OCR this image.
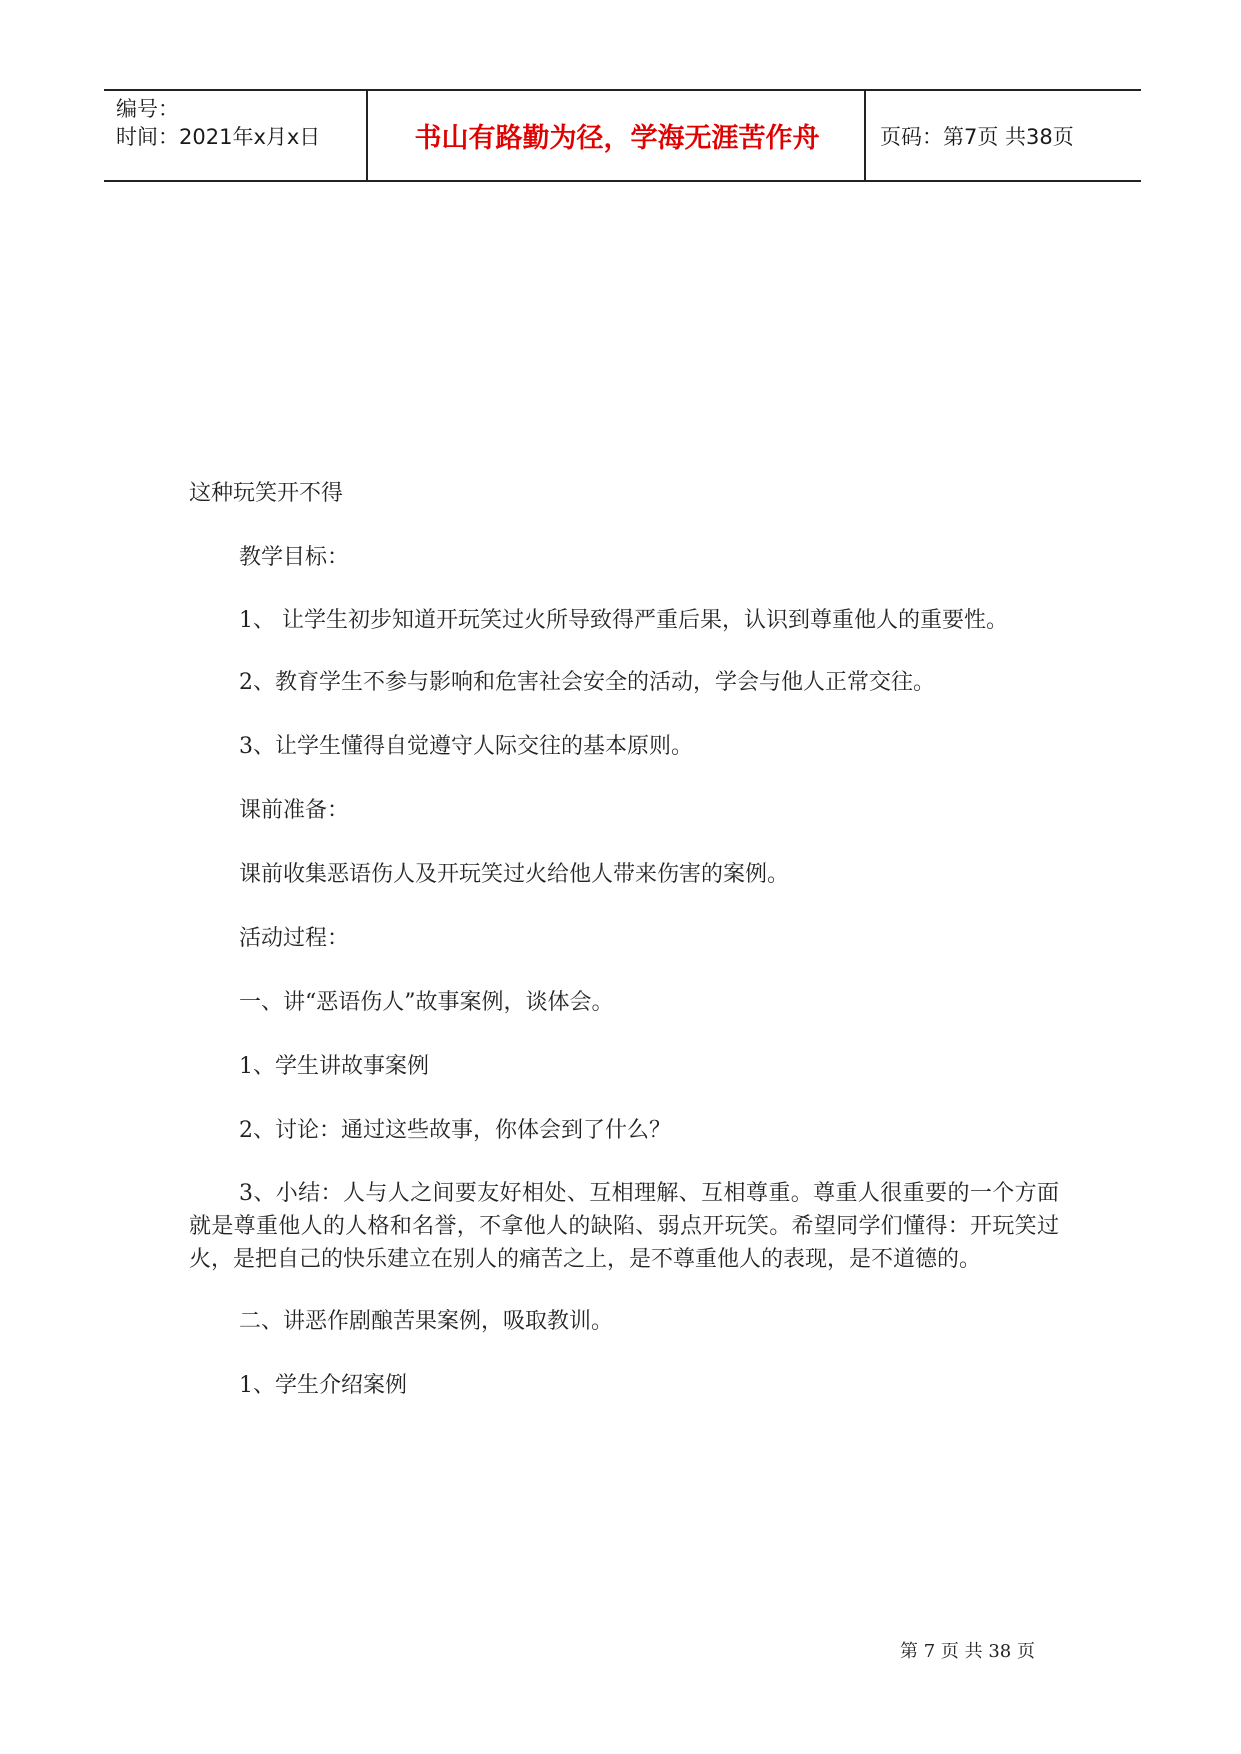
编号：
时间：2021年x月x日	书山有路勤为径，学海无涯苦作舟	页码：第7页 共38页
这种玩笑开不得
教学目标：
1、 让学生初步知道开玩笑过火所导致得严重后果，认识到尊重他人的重要性。
2、教育学生不参与影响和危害社会安全的活动，学会与他人正常交往。
3、让学生懂得自觉遵守人际交往的基本原则。
课前准备：
课前收集恶语伤人及开玩笑过火给他人带来伤害的案例。
活动过程：
一、讲“恶语伤人”故事案例，谈体会。
1、学生讲故事案例
2、讨论：通过这些故事，你体会到了什么？
3、小结：人与人之间要友好相处、互相理解、互相尊重。尊重人很重要的一个方面就是尊重他人的人格和名誉，不拿他人的缺陷、弱点开玩笑。希望同学们懂得：开玩笑过火，是把自己的快乐建立在别人的痛苦之上，是不尊重他人的表现，是不道德的。
二、讲恶作剧酿苦果案例，吸取教训。
1、学生介绍案例
第 7 页 共 38 页
